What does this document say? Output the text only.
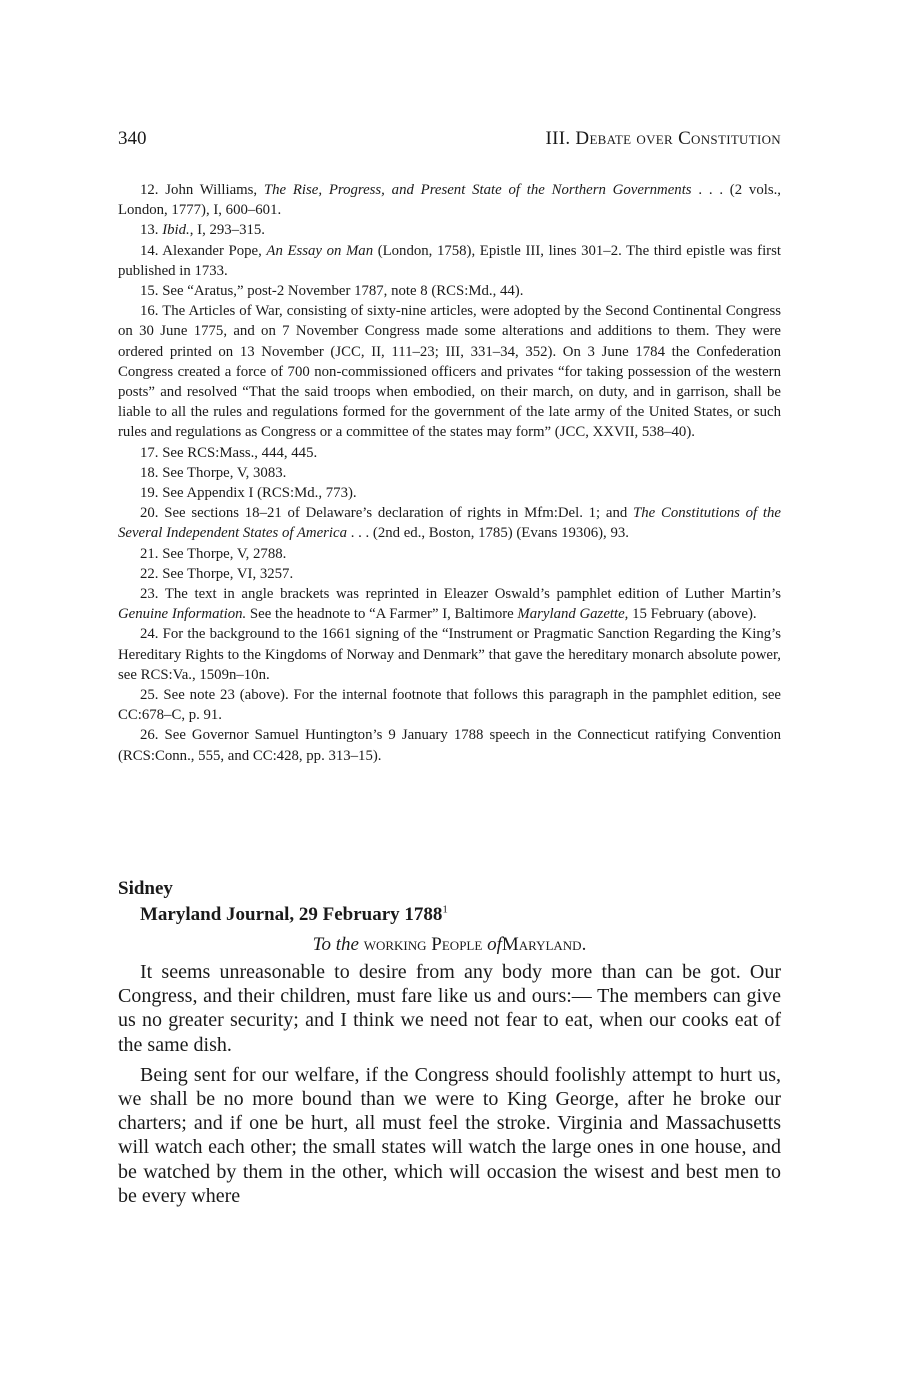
340	III. Debate over Constitution

12. John Williams, The Rise, Progress, and Present State of the Northern Governments . . . (2 vols., London, 1777), I, 600–601.

13. Ibid., I, 293–315.

14. Alexander Pope, An Essay on Man (London, 1758), Epistle III, lines 301–2. The third epistle was first published in 1733.

15. See “Aratus,” post-2 November 1787, note 8 (RCS:Md., 44).

16. The Articles of War, consisting of sixty-nine articles, were adopted by the Second Continental Congress on 30 June 1775, and on 7 November Congress made some alterations and additions to them. They were ordered printed on 13 November (JCC, II, 111–23; III, 331–34, 352). On 3 June 1784 the Confederation Congress created a force of 700 non-commissioned officers and privates “for taking possession of the western posts” and resolved “That the said troops when embodied, on their march, on duty, and in garrison, shall be liable to all the rules and regulations formed for the government of the late army of the United States, or such rules and regulations as Congress or a committee of the states may form” (JCC, XXVII, 538–40).

17. See RCS:Mass., 444, 445.

18. See Thorpe, V, 3083.

19. See Appendix I (RCS:Md., 773).

20. See sections 18–21 of Delaware’s declaration of rights in Mfm:Del. 1; and The Constitutions of the Several Independent States of America . . . (2nd ed., Boston, 1785) (Evans 19306), 93.

21. See Thorpe, V, 2788.

22. See Thorpe, VI, 3257.

23. The text in angle brackets was reprinted in Eleazer Oswald’s pamphlet edition of Luther Martin’s Genuine Information. See the headnote to “A Farmer” I, Baltimore Maryland Gazette, 15 February (above).

24. For the background to the 1661 signing of the “Instrument or Pragmatic Sanction Regarding the King’s Hereditary Rights to the Kingdoms of Norway and Denmark” that gave the hereditary monarch absolute power, see RCS:Va., 1509n–10n.

25. See note 23 (above). For the internal footnote that follows this paragraph in the pamphlet edition, see CC:678–C, p. 91.

26. See Governor Samuel Huntington’s 9 January 1788 speech in the Connecticut ratifying Convention (RCS:Conn., 555, and CC:428, pp. 313–15).

Sidney
Maryland Journal, 29 February 1788$^1$

To the working People ofMaryland.

It seems unreasonable to desire from any body more than can be got. Our Congress, and their children, must fare like us and ours:— The members can give us no greater security; and I think we need not fear to eat, when our cooks eat of the same dish.

Being sent for our welfare, if the Congress should foolishly attempt to hurt us, we shall be no more bound than we were to King George, after he broke our charters; and if one be hurt, all must feel the stroke. Virginia and Massachusetts will watch each other; the small states will watch the large ones in one house, and be watched by them in the other, which will occasion the wisest and best men to be every where
